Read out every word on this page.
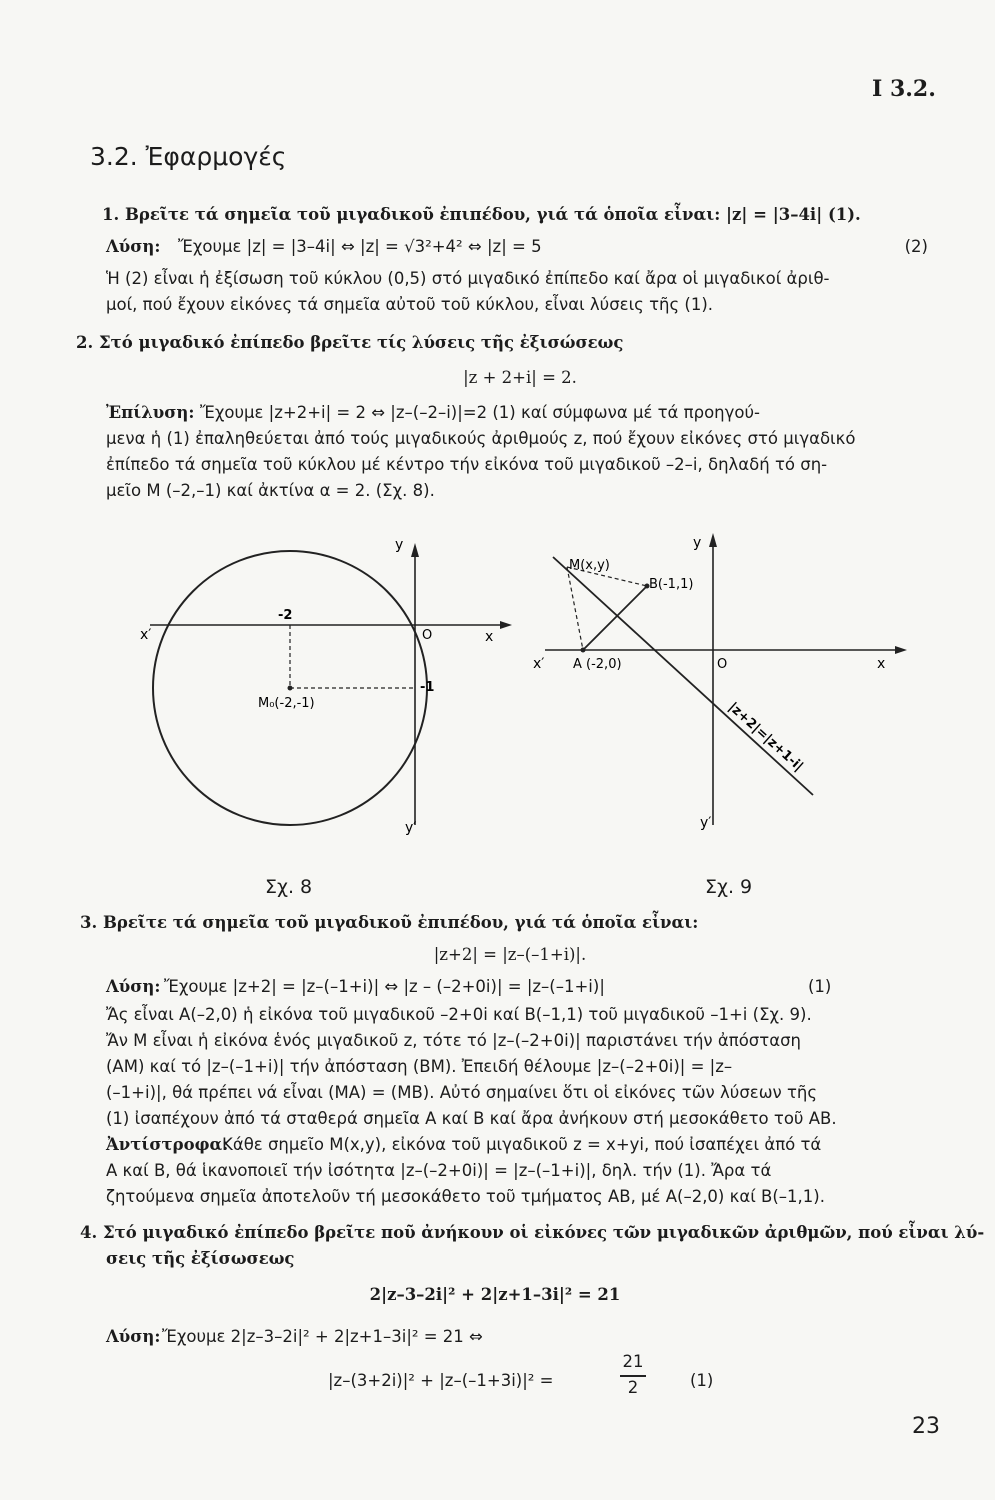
I 3.2.
3.2. Ἐφαρμογές
1. Βρεῖτε τά σημεῖα τοῦ μιγαδικοῦ ἐπιπέδου, γιά τά ὁποῖα εἶναι: |z| = |3–4i| (1).
Λύση: Ἔχουμε |z| = |3–4i| ⇔ |z| = √3²+4² ⇔ |z| = 5	(2)
Ἡ (2) εἶναι ἡ ἐξίσωση τοῦ κύκλου (0,5) στό μιγαδικό ἐπίπεδο καί ἄρα οἱ μιγαδικοί ἀριθ-
μοί, πού ἔχουν εἰκόνες τά σημεῖα αὐτοῦ τοῦ κύκλου, εἶναι λύσεις τῆς (1).
2. Στό μιγαδικό ἐπίπεδο βρεῖτε τίς λύσεις τῆς ἐξισώσεως
|z + 2+i| = 2.
Ἐπίλυση: Ἔχουμε |z+2+i| = 2 ⇔ |z–(–2–i)|=2 (1) καί σύμφωνα μέ τά προηγού-
μενα ἡ (1) ἐπαληθεύεται ἀπό τούς μιγαδικούς ἀριθμούς z, πού ἔχουν εἰκόνες στό μιγαδικό
ἐπίπεδο τά σημεῖα τοῦ κύκλου μέ κέντρο τήν εἰκόνα τοῦ μιγαδικοῦ –2–i, δηλαδή τό ση-
μεῖο Μ (–2,–1) καί ἀκτίνα α = 2. (Σχ. 8).
y
x
x′
y′
O
-2
-1
M₀(-2,-1)
Σχ. 8
y
x
x′
y′
O
M(x,y)
B(-1,1)
A (-2,0)
|z+2|=|z+1-i|
Σχ. 9
3. Βρεῖτε τά σημεῖα τοῦ μιγαδικοῦ ἐπιπέδου, γιά τά ὁποῖα εἶναι:
|z+2| = |z–(–1+i)|.
Λύση: Ἔχουμε |z+2| = |z–(–1+i)| ⇔ |z – (–2+0i)| = |z–(–1+i)|	(1)
Ἄς εἶναι A(–2,0) ἡ εἰκόνα τοῦ μιγαδικοῦ –2+0i καί B(–1,1) τοῦ μιγαδικοῦ –1+i (Σχ. 9).
Ἄν Μ εἶναι ἡ εἰκόνα ἑνός μιγαδικοῦ z, τότε τό |z–(–2+0i)| παριστάνει τήν ἀπόσταση
(ΑΜ) καί τό |z–(–1+i)| τήν ἀπόσταση (ΒΜ). Ἐπειδή θέλουμε |z–(–2+0i)| = |z–
(–1+i)|, θά πρέπει νά εἶναι (ΜΑ) = (ΜΒ). Αὐτό σημαίνει ὅτι οἱ εἰκόνες τῶν λύσεων τῆς
(1) ἰσαπέχουν ἀπό τά σταθερά σημεῖα Α καί Β καί ἄρα ἀνήκουν στή μεσοκάθετο τοῦ ΑΒ.
Ἀντίστροφα:
Κάθε σημεῖο Μ(x,y), εἰκόνα τοῦ μιγαδικοῦ z = x+yi, πού ἰσαπέχει ἀπό τά
Α καί Β, θά ἱκανοποιεῖ τήν ἰσότητα |z–(–2+0i)| = |z–(–1+i)|, δηλ. τήν (1). Ἄρα τά
ζητούμενα σημεῖα ἀποτελοῦν τή μεσοκάθετο τοῦ τμήματος ΑΒ, μέ Α(–2,0) καί Β(–1,1).
4. Στό μιγαδικό ἐπίπεδο βρεῖτε ποῦ ἀνήκουν οἱ εἰκόνες τῶν μιγαδικῶν ἀριθμῶν, πού εἶναι λύ-
σεις τῆς ἐξίσωσεως
2|z–3–2i|² + 2|z+1–3i|² = 21
Λύση: Ἔχουμε 2|z–3–2i|² + 2|z+1–3i|² = 21 ⇔
|z–(3+2i)|² + |z–(–1+3i)|² =
21
2	(1)
23
